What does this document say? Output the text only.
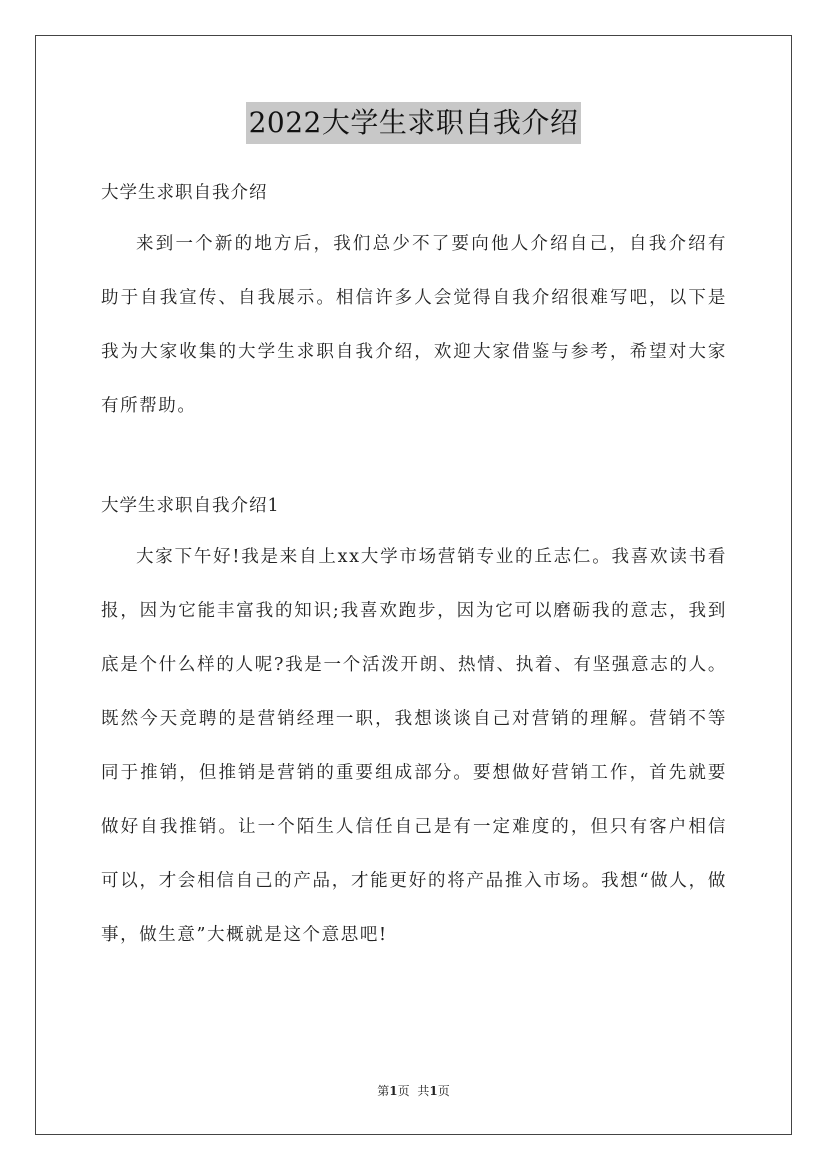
2022大学生求职自我介绍

大学生求职自我介绍

来到一个新的地方后，我们总少不了要向他人介绍自己，自我介绍有助于自我宣传、自我展示。相信许多人会觉得自我介绍很难写吧，以下是我为大家收集的大学生求职自我介绍，欢迎大家借鉴与参考，希望对大家有所帮助。

大学生求职自我介绍1

大家下午好!我是来自上xx大学市场营销专业的丘志仁。我喜欢读书看报，因为它能丰富我的知识;我喜欢跑步，因为它可以磨砺我的意志，我到底是个什么样的人呢?我是一个活泼开朗、热情、执着、有坚强意志的人。既然今天竞聘的是营销经理一职，我想谈谈自己对营销的理解。营销不等同于推销，但推销是营销的重要组成部分。要想做好营销工作，首先就要做好自我推销。让一个陌生人信任自己是有一定难度的，但只有客户相信可以，才会相信自己的产品，才能更好的将产品推入市场。我想“做人，做事，做生意”大概就是这个意思吧!

第1页 共1页
